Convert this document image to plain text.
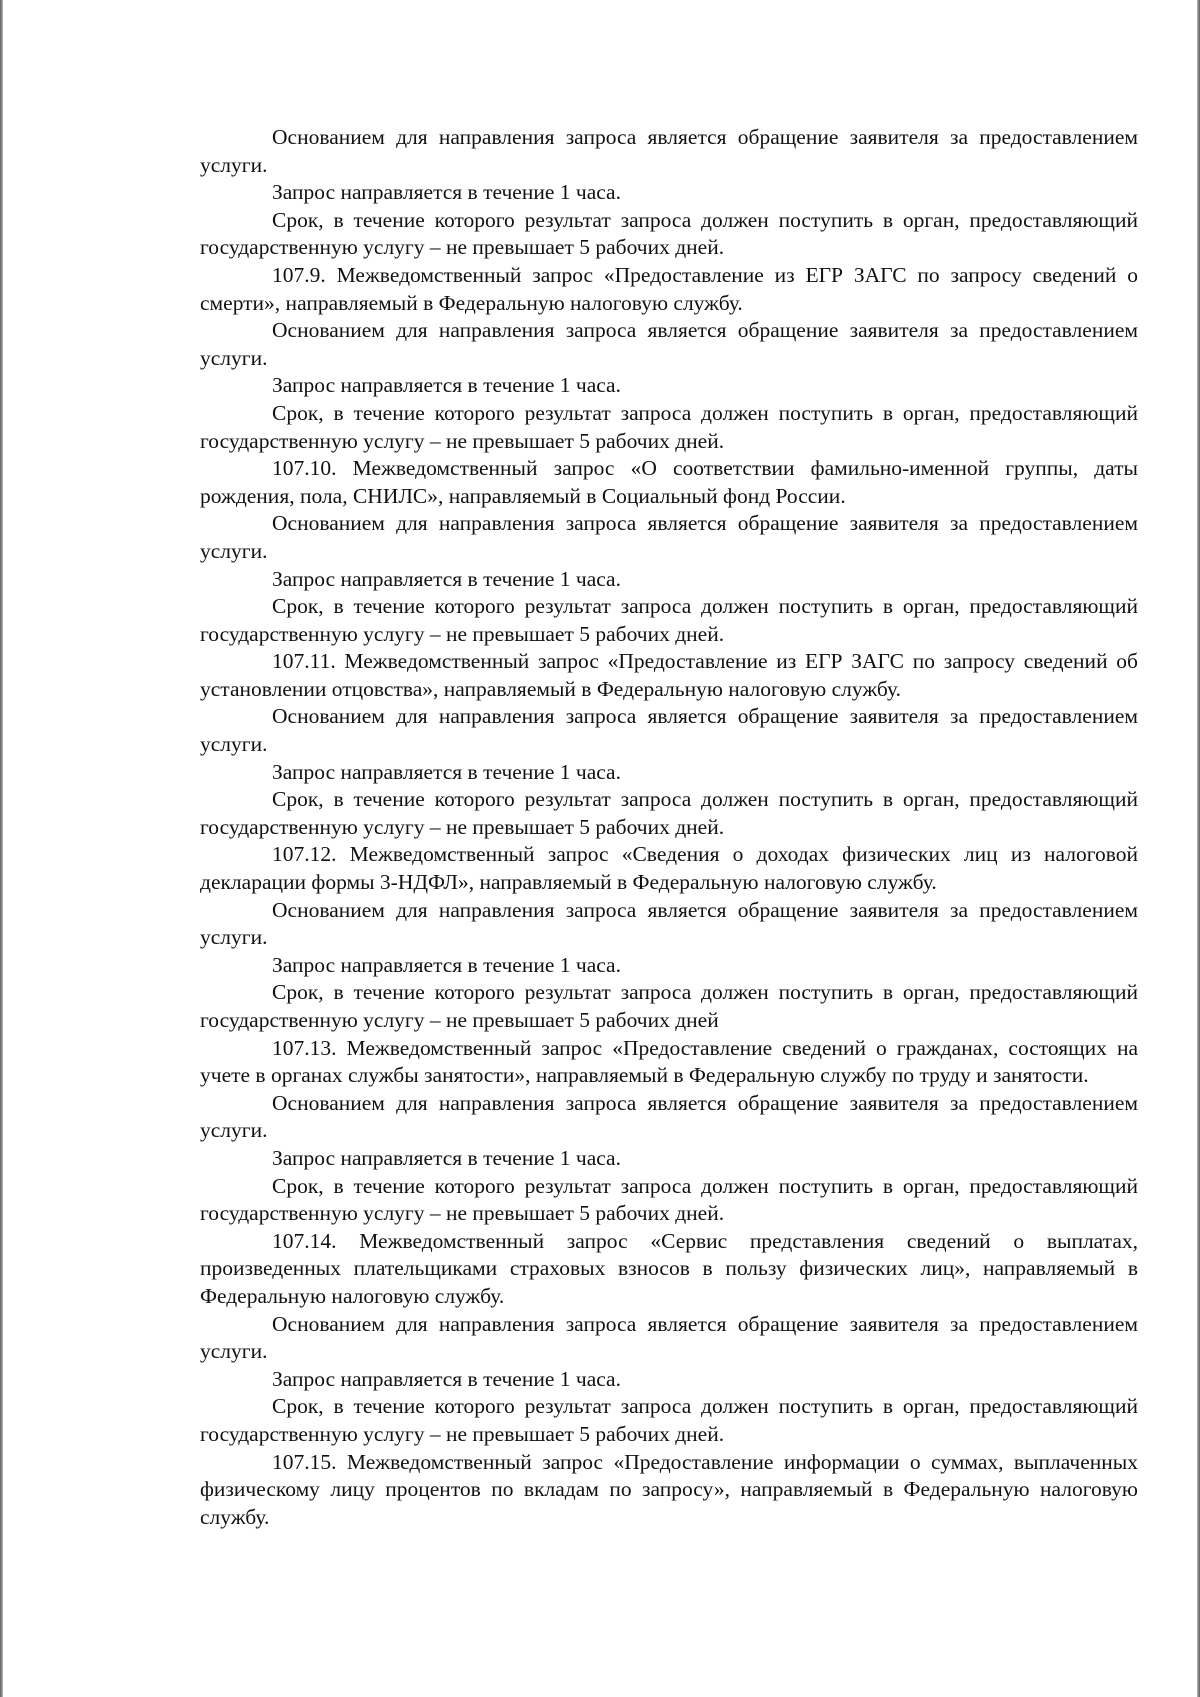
Основанием для направления запроса является обращение заявителя за предоставлением услуги.

Запрос направляется в течение 1 часа.

Срок, в течение которого результат запроса должен поступить в орган, предоставляющий государственную услугу – не превышает 5 рабочих дней.

107.9. Межведомственный запрос «Предоставление из ЕГР ЗАГС по запросу сведений о смерти», направляемый в Федеральную налоговую службу.

Основанием для направления запроса является обращение заявителя за предоставлением услуги.

Запрос направляется в течение 1 часа.

Срок, в течение которого результат запроса должен поступить в орган, предоставляющий государственную услугу – не превышает 5 рабочих дней.

107.10. Межведомственный запрос «О соответствии фамильно-именной группы, даты рождения, пола, СНИЛС», направляемый в Социальный фонд России.

Основанием для направления запроса является обращение заявителя за предоставлением услуги.

Запрос направляется в течение 1 часа.

Срок, в течение которого результат запроса должен поступить в орган, предоставляющий государственную услугу – не превышает 5 рабочих дней.

107.11. Межведомственный запрос «Предоставление из ЕГР ЗАГС по запросу сведений об установлении отцовства», направляемый в Федеральную налоговую службу.

Основанием для направления запроса является обращение заявителя за предоставлением услуги.

Запрос направляется в течение 1 часа.

Срок, в течение которого результат запроса должен поступить в орган, предоставляющий государственную услугу – не превышает 5 рабочих дней.

107.12. Межведомственный запрос «Сведения о доходах физических лиц из налоговой декларации формы 3-НДФЛ», направляемый в Федеральную налоговую службу.

Основанием для направления запроса является обращение заявителя за предоставлением услуги.

Запрос направляется в течение 1 часа.

Срок, в течение которого результат запроса должен поступить в орган, предоставляющий государственную услугу – не превышает 5 рабочих дней

107.13. Межведомственный запрос «Предоставление сведений о гражданах, состоящих на учете в органах службы занятости», направляемый в Федеральную службу по труду и занятости.

Основанием для направления запроса является обращение заявителя за предоставлением услуги.

Запрос направляется в течение 1 часа.

Срок, в течение которого результат запроса должен поступить в орган, предоставляющий государственную услугу – не превышает 5 рабочих дней.

107.14. Межведомственный запрос «Сервис представления сведений о выплатах, произведенных плательщиками страховых взносов в пользу физических лиц», направляемый в Федеральную налоговую службу.

Основанием для направления запроса является обращение заявителя за предоставлением услуги.

Запрос направляется в течение 1 часа.

Срок, в течение которого результат запроса должен поступить в орган, предоставляющий государственную услугу – не превышает 5 рабочих дней.

107.15. Межведомственный запрос «Предоставление информации о суммах, выплаченных физическому лицу процентов по вкладам по запросу», направляемый в Федеральную налоговую службу.
